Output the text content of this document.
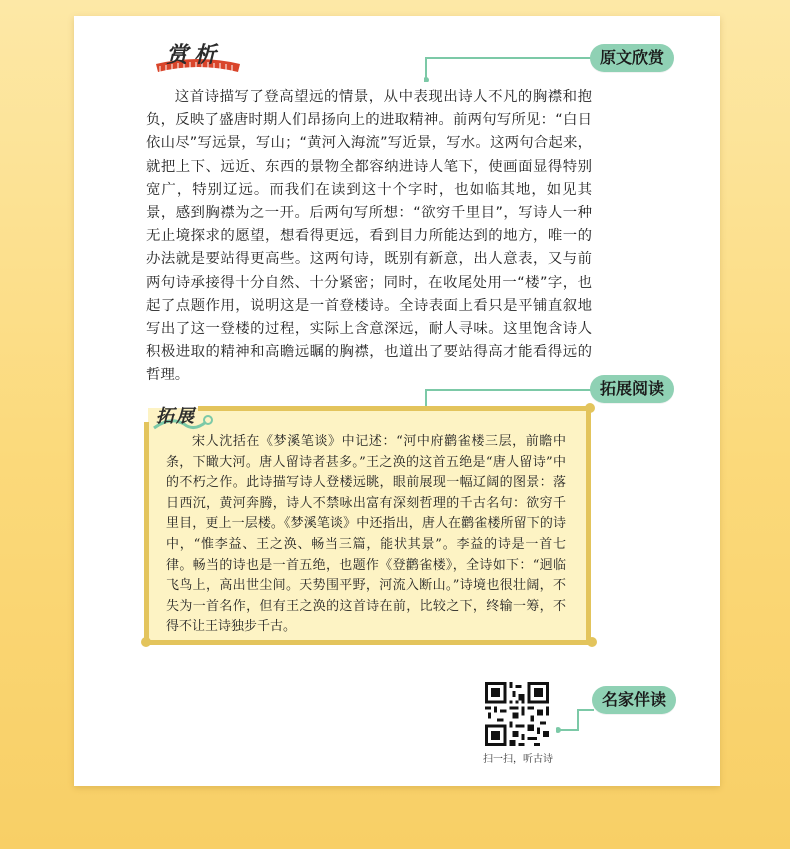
赏析	原文欣赏

这首诗描写了登高望远的情景，从中表现出诗人不凡的胸襟和抱负，反映了盛唐时期人们昂扬向上的进取精神。前两句写所见：“白日依山尽”写远景，写山；“黄河入海流”写近景，写水。这两句合起来，就把上下、远近、东西的景物全都容纳进诗人笔下，使画面显得特别宽广，特别辽远。而我们在读到这十个字时，也如临其地，如见其景，感到胸襟为之一开。后两句写所想：“欲穷千里目”，写诗人一种无止境探求的愿望，想看得更远，看到目力所能达到的地方，唯一的办法就是要站得更高些。这两句诗，既别有新意，出人意表，又与前两句诗承接得十分自然、十分紧密；同时，在收尾处用一“楼”字，也起了点题作用，说明这是一首登楼诗。全诗表面上看只是平铺直叙地写出了这一登楼的过程，实际上含意深远，耐人寻味。这里饱含诗人积极进取的精神和高瞻远瞩的胸襟，也道出了要站得高才能看得远的哲理。

拓展阅读
拓展

宋人沈括在《梦溪笔谈》中记述：“河中府鹳雀楼三层，前瞻中条，下瞰大河。唐人留诗者甚多。”王之涣的这首五绝是“唐人留诗”中的不朽之作。此诗描写诗人登楼远眺，眼前展现一幅辽阔的图景：落日西沉，黄河奔腾，诗人不禁咏出富有深刻哲理的千古名句：欲穷千里目，更上一层楼。《梦溪笔谈》中还指出，唐人在鹳雀楼所留下的诗中，“惟李益、王之涣、畅当三篇，能状其景”。李益的诗是一首七律。畅当的诗也是一首五绝，也题作《登鹳雀楼》，全诗如下：“迥临飞鸟上，高出世尘间。天势围平野，河流入断山。”诗境也很壮阔，不失为一首名作，但有王之涣的这首诗在前，比较之下，终输一筹，不得不让王诗独步千古。

名家伴读
扫一扫，听古诗
